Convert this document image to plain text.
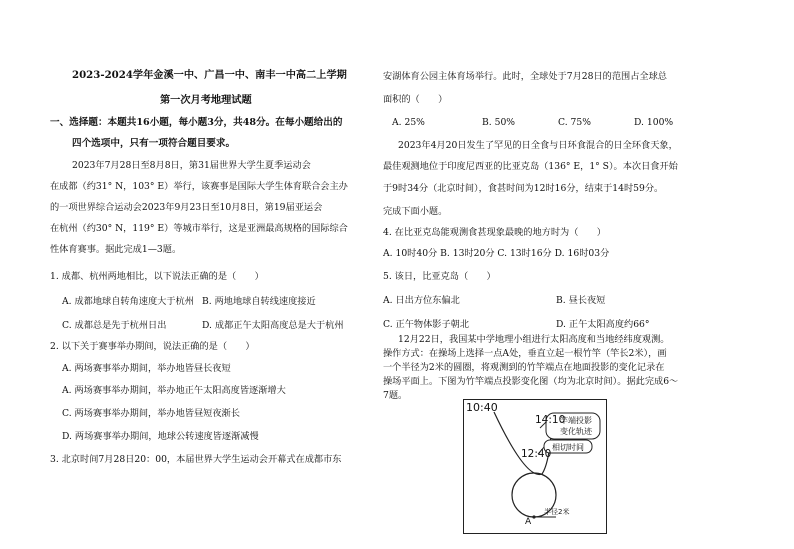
2023-2024学年金溪一中、广昌一中、南丰一中高二上学期
第一次月考地理试题
一、选择题：本题共16小题，每小题3分，共48分。在每小题给出的
四个选项中，只有一项符合题目要求。
2023年7月28日至8月8日，第31届世界大学生夏季运动会
在成都（约31° N，103° E）举行，该赛事是国际大学生体育联合会主办
的一项世界综合运动会2023年9月23日至10月8日，第19届亚运会
在杭州（约30° N，119° E）等城市举行，这是亚洲最高规格的国际综合
性体育赛事。据此完成1—3题。
1. 成都、杭州两地相比，以下说法正确的是（　　）
A. 成都地球自转角速度大于杭州 B. 两地地球自转线速度接近
C. 成都总是先于杭州日出	D. 成都正午太阳高度总是大于杭州
2. 以下关于赛事举办期间，说法正确的是（　　）
A. 两场赛事举办期间，举办地皆昼长夜短
A. 两场赛事举办期间，举办地正午太阳高度皆逐渐增大
C. 两场赛事举办期间，举办地皆昼短夜渐长
D. 两场赛事举办期间，地球公转速度皆逐渐减慢
3. 北京时间7月28日20：00，本届世界大学生运动会开幕式在成都市东
安湖体育公园主体育场举行。此时，全球处于7月28日的范围占全球总
面积的（　　）
A. 25%	B. 50%	C. 75%	D. 100%
2023年4月20日发生了罕见的日全食与日环食混合的日全环食天象，
最佳观测地位于印度尼西亚的比亚克岛（136° E，1° S）。本次日食开始
于9时34分（北京时间），食甚时间为12时16分，结束于14时59分。
完成下面小题。
4. 在比亚克岛能观测食甚现象最晚的地方时为（　　）
A. 10时40分 B. 13时20分 C. 13时16分 D. 16时03分
5. 该日，比亚克岛（　　）
A. 日出方位东偏北	B. 昼长夜短
C. 正午物体影子朝北	D. 正午太阳高度约66°
12月22日，我国某中学地理小组进行太阳高度和当地经纬度观测。
操作方式：在操场上选择一点A处，垂直立起一根竹竿（竿长2米），画
一个半径为2米的圆圈，将观测到的竹竿端点在地面投影的变化记录在
操场平面上。下图为竹竿端点投影变化图（均为北京时间）。据此完成6～
7题。
10:40
14:10
12:40
竿端投影
变化轨迹
相切时间
A
半径2米
